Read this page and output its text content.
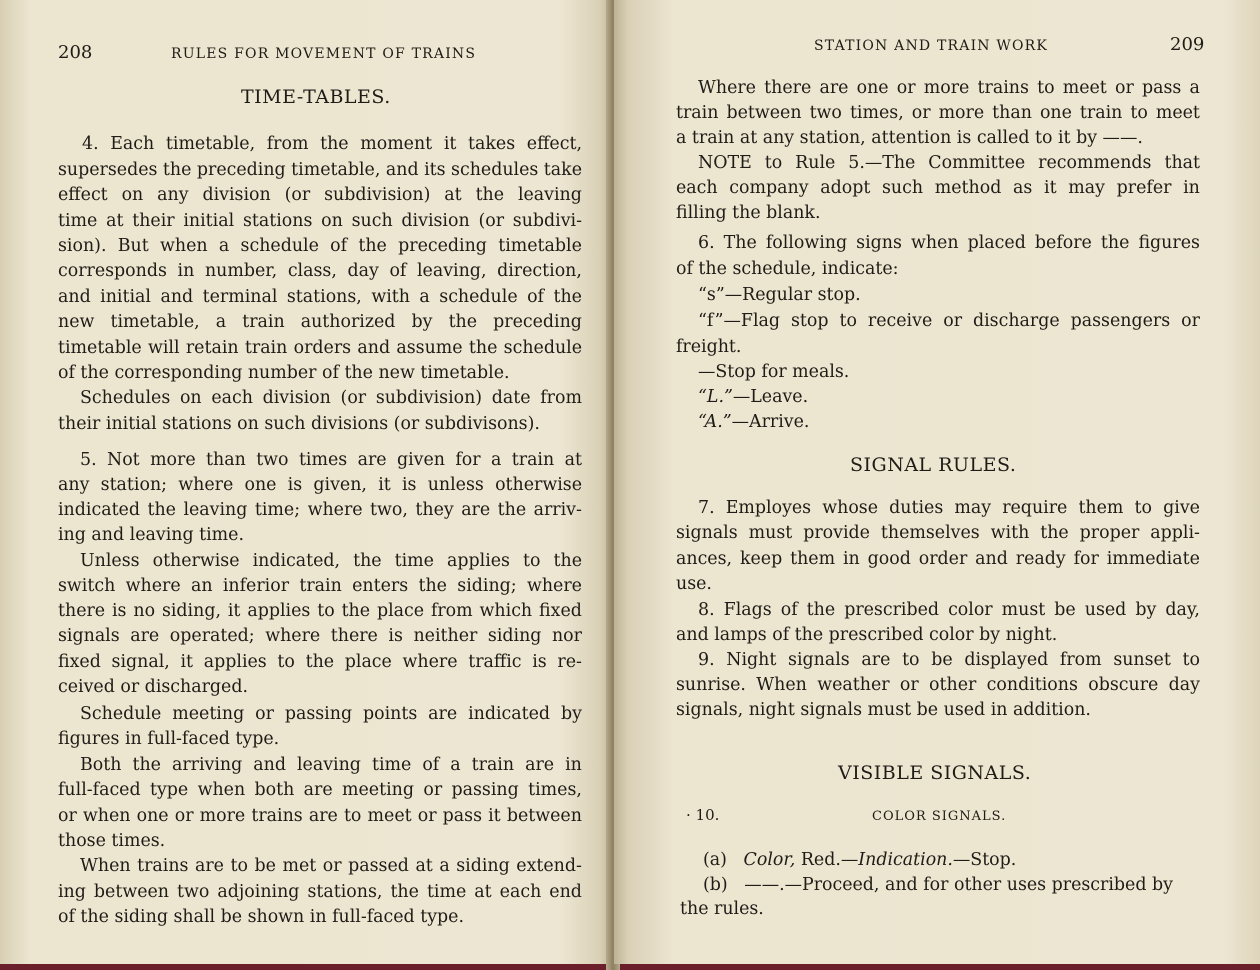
208	RULES FOR MOVEMENT OF TRAINS
TIME-TABLES.
4. Each timetable, from the moment it takes effect,
supersedes the preceding timetable, and its schedules take
effect on any division (or subdivision) at the leaving
time at their initial stations on such division (or subdivi-
sion). But when a schedule of the preceding timetable
corresponds in number, class, day of leaving, direction,
and initial and terminal stations, with a schedule of the
new timetable, a train authorized by the preceding
timetable will retain train orders and assume the schedule
of the corresponding number of the new timetable.
Schedules on each division (or subdivision) date from
their initial stations on such divisions (or subdivisons).
5. Not more than two times are given for a train at
any station; where one is given, it is unless otherwise
indicated the leaving time; where two, they are the arriv-
ing and leaving time.
Unless otherwise indicated, the time applies to the
switch where an inferior train enters the siding; where
there is no siding, it applies to the place from which fixed
signals are operated; where there is neither siding nor
fixed signal, it applies to the place where traffic is re-
ceived or discharged.
Schedule meeting or passing points are indicated by
figures in full-faced type.
Both the arriving and leaving time of a train are in
full-faced type when both are meeting or passing times,
or when one or more trains are to meet or pass it between
those times.
When trains are to be met or passed at a siding extend-
ing between two adjoining stations, the time at each end
of the siding shall be shown in full-faced type.
STATION AND TRAIN WORK	209
Where there are one or more trains to meet or pass a
train between two times, or more than one train to meet
a train at any station, attention is called to it by ——.
NOTE to Rule 5.—The Committee recommends that
each company adopt such method as it may prefer in
filling the blank.
6. The following signs when placed before the figures
of the schedule, indicate:
“s”—Regular stop.
“f”—Flag stop to receive or discharge passengers or
freight.
—Stop for meals.
“L.”—Leave.
“A.”—Arrive.
SIGNAL RULES.
7. Employes whose duties may require them to give
signals must provide themselves with the proper appli-
ances, keep them in good order and ready for immediate
use.
8. Flags of the prescribed color must be used by day,
and lamps of the prescribed color by night.
9. Night signals are to be displayed from sunset to
sunrise. When weather or other conditions obscure day
signals, night signals must be used in addition.
VISIBLE SIGNALS.
· 10.	COLOR SIGNALS.
(a) Color, Red.—Indication.—Stop.
(b) ——.—Proceed, and for other uses prescribed by
the rules.
